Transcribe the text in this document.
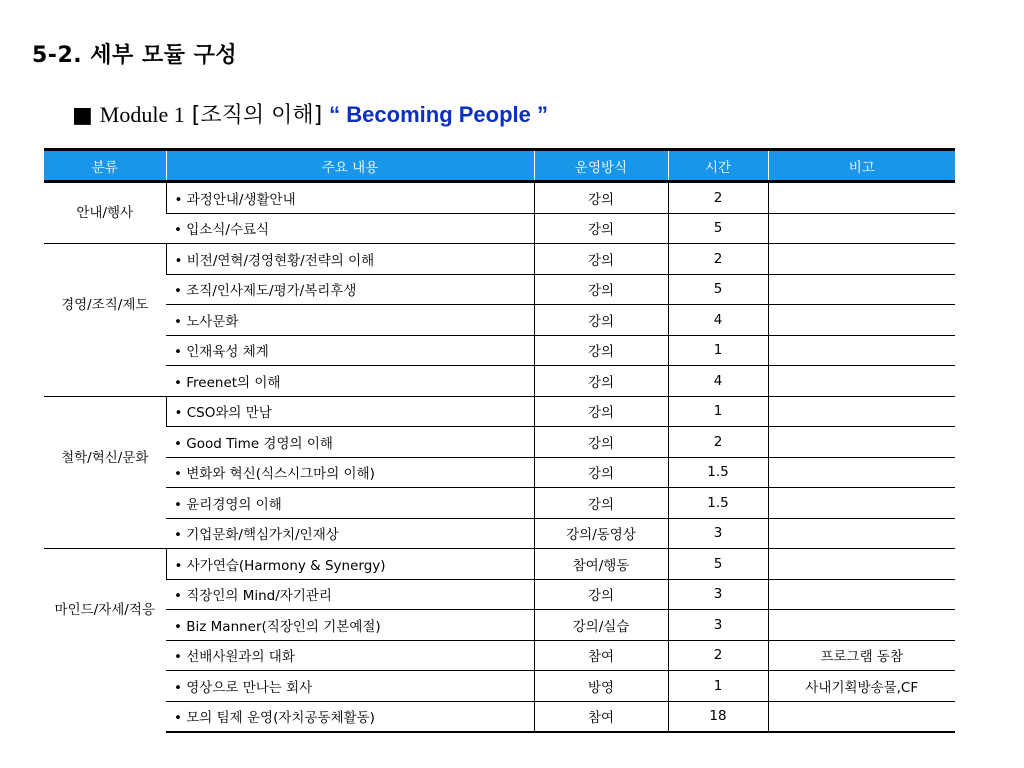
5-2. 세부 모듈 구성
■ Module 1 [조직의 이해] “ Becoming People ”
분류	주요 내용	운영방식	시간	비고
안내/행사	• 과정안내/생활안내	강의	2	
	• 입소식/수료식	강의	5	
경영/조직/제도	• 비전/연혁/경영현황/전략의 이해	강의	2	
	• 조직/인사제도/평가/복리후생	강의	5	
	• 노사문화	강의	4	
	• 인재육성 체계	강의	1	
	• Freenet의 이해	강의	4	
철학/혁신/문화	• CSO와의 만남	강의	1	
	• Good Time 경영의 이해	강의	2	
	• 변화와 혁신(식스시그마의 이해)	강의	1.5	
	• 윤리경영의 이해	강의	1.5	
	• 기업문화/핵심가치/인재상	강의/동영상	3	
마인드/자세/적응	• 사가연습(Harmony & Synergy)	참여/행동	5	
	• 직장인의 Mind/자기관리	강의	3	
	• Biz Manner(직장인의 기본예절)	강의/실습	3	
	• 선배사원과의 대화	참여	2	프로그램 동참
	• 영상으로 만나는 회사	방영	1	사내기획방송물,CF
	• 모의 팀제 운영(자치공동체활동)	참여	18	
